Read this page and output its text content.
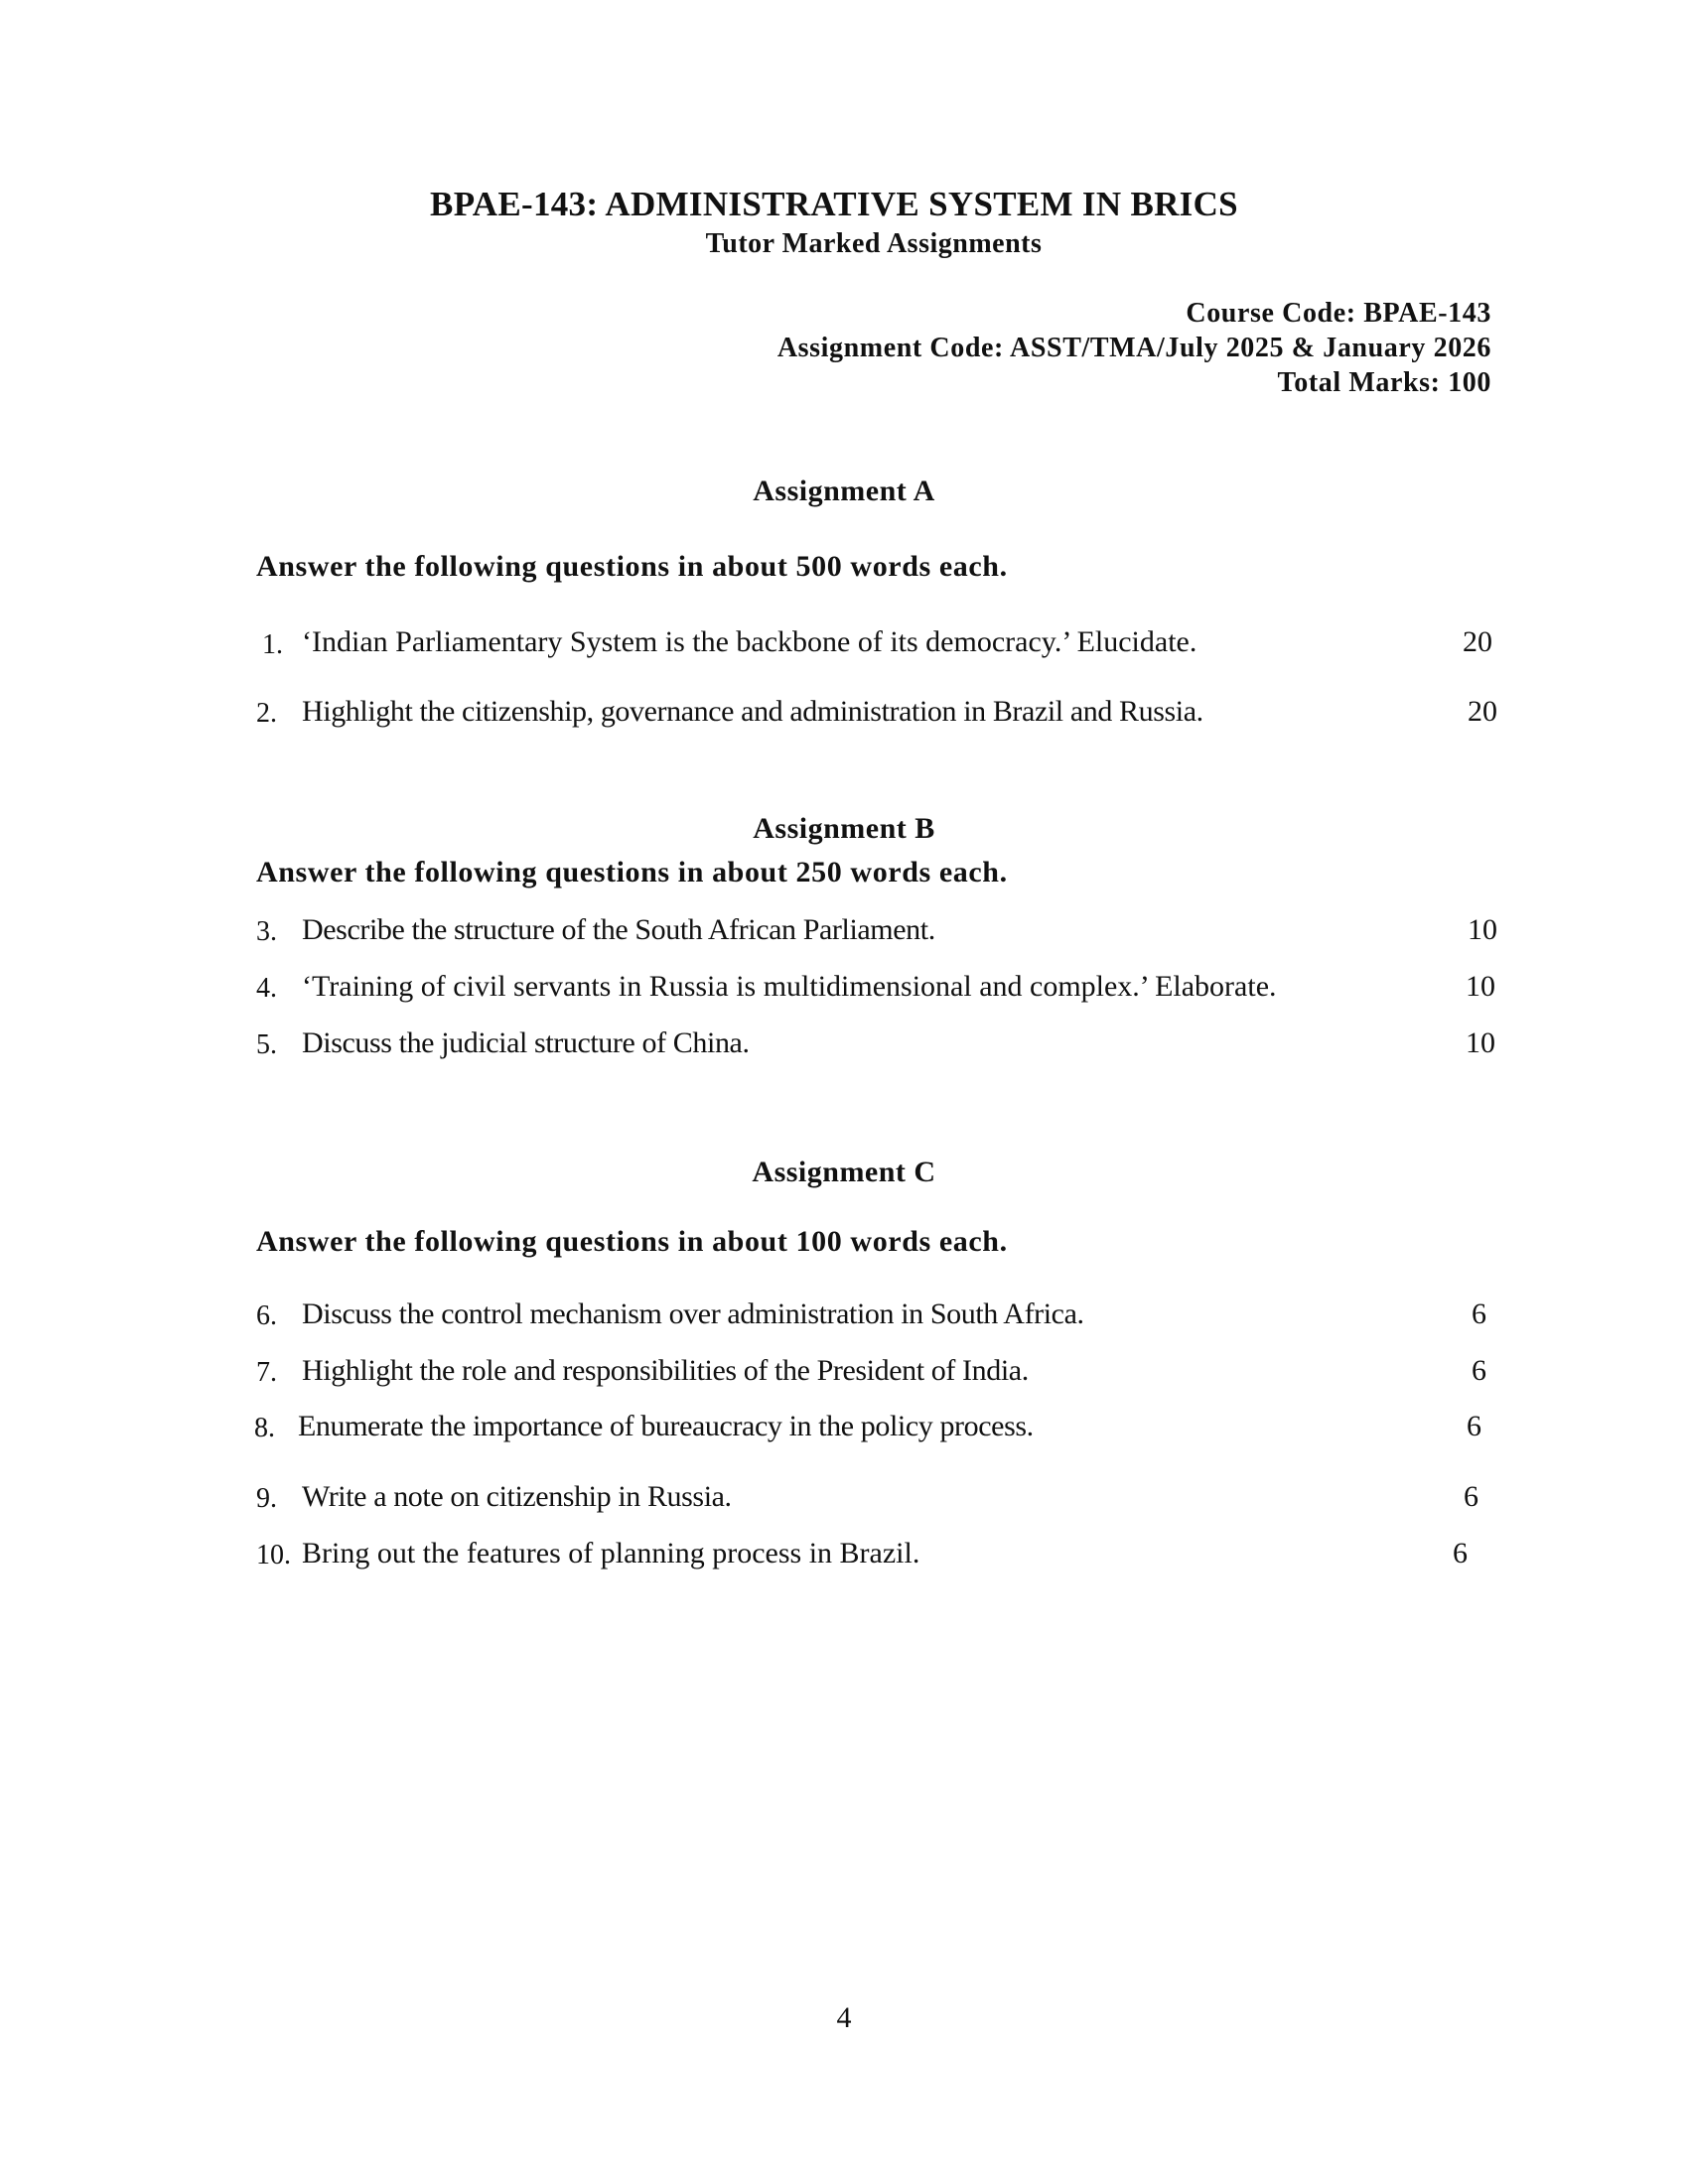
BPAE-143: ADMINISTRATIVE SYSTEM IN BRICS
Tutor Marked Assignments
Course Code: BPAE-143
Assignment Code: ASST/TMA/July 2025 & January 2026
Total Marks: 100
Assignment A
Answer the following questions in about 500 words each.
1. ‘Indian Parliamentary System is the backbone of its democracy.’ Elucidate.	20
2. Highlight the citizenship, governance and administration in Brazil and Russia.	20
Assignment B
Answer the following questions in about 250 words each.
3. Describe the structure of the South African Parliament.	10
4. ‘Training of civil servants in Russia is multidimensional and complex.’ Elaborate.	10
5. Discuss the judicial structure of China.	10
Assignment C
Answer the following questions in about 100 words each.
6. Discuss the control mechanism over administration in South Africa.	6
7. Highlight the role and responsibilities of the President of India.	6
8. Enumerate the importance of bureaucracy in the policy process.	6
9. Write a note on citizenship in Russia.	6
10. Bring out the features of planning process in Brazil.	6
4
